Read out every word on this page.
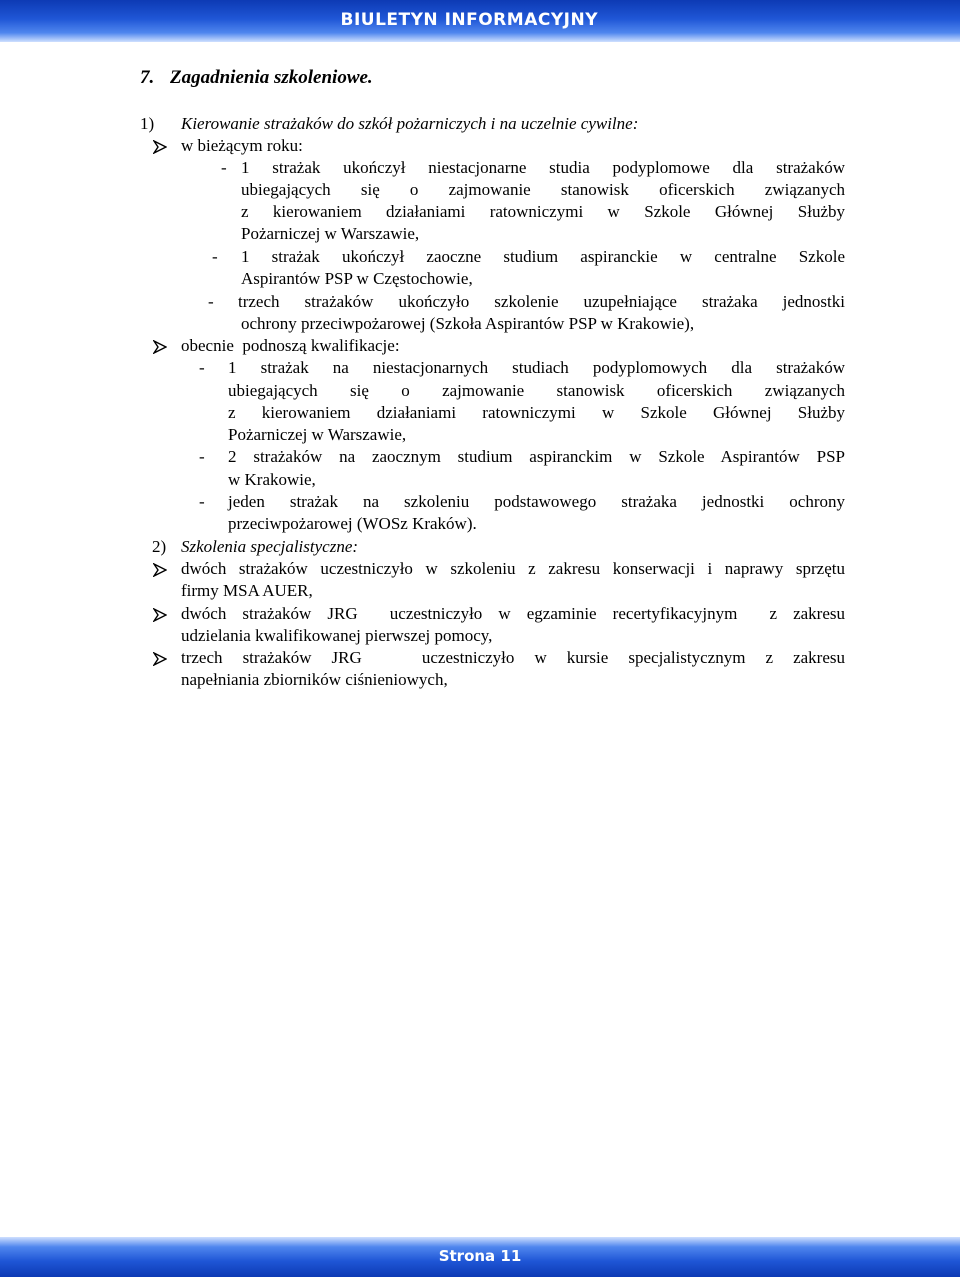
BIULETYN INFORMACYJNY
7. Zagadnienia szkoleniowe.
1) Kierowanie strażaków do szkół pożarniczych i na uczelnie cywilne:
w bieżącym roku:
- 1 strażak ukończył niestacjonarne studia podyplomowe dla strażaków
ubiegających się o zajmowanie stanowisk oficerskich związanych
z kierowaniem działaniami ratowniczymi w Szkole Głównej Służby
Pożarniczej w Warszawie,
- 1 strażak ukończył zaoczne studium aspiranckie w centralne Szkole
Aspirantów PSP w Częstochowie,
- trzech strażaków ukończyło szkolenie uzupełniające strażaka jednostki
ochrony przeciwpożarowej (Szkoła Aspirantów PSP w Krakowie),
obecnie  podnoszą kwalifikacje:
- 1 strażak na niestacjonarnych studiach podyplomowych dla strażaków
ubiegających się o zajmowanie stanowisk oficerskich związanych
z kierowaniem działaniami ratowniczymi w Szkole Głównej Służby
Pożarniczej w Warszawie,
- 2 strażaków na zaocznym studium aspiranckim w Szkole Aspirantów PSP
w Krakowie,
- jeden strażak na szkoleniu podstawowego strażaka jednostki ochrony
przeciwpożarowej (WOSz Kraków).
2) Szkolenia specjalistyczne:
dwóch strażaków uczestniczyło w szkoleniu z zakresu konserwacji i naprawy sprzętu
firmy MSA AUER,
dwóch strażaków JRG  uczestniczyło w egzaminie recertyfikacyjnym  z zakresu
udzielania kwalifikowanej pierwszej pomocy,
trzech strażaków JRG   uczestniczyło w kursie specjalistycznym z zakresu
napełniania zbiorników ciśnieniowych,
Strona 11
